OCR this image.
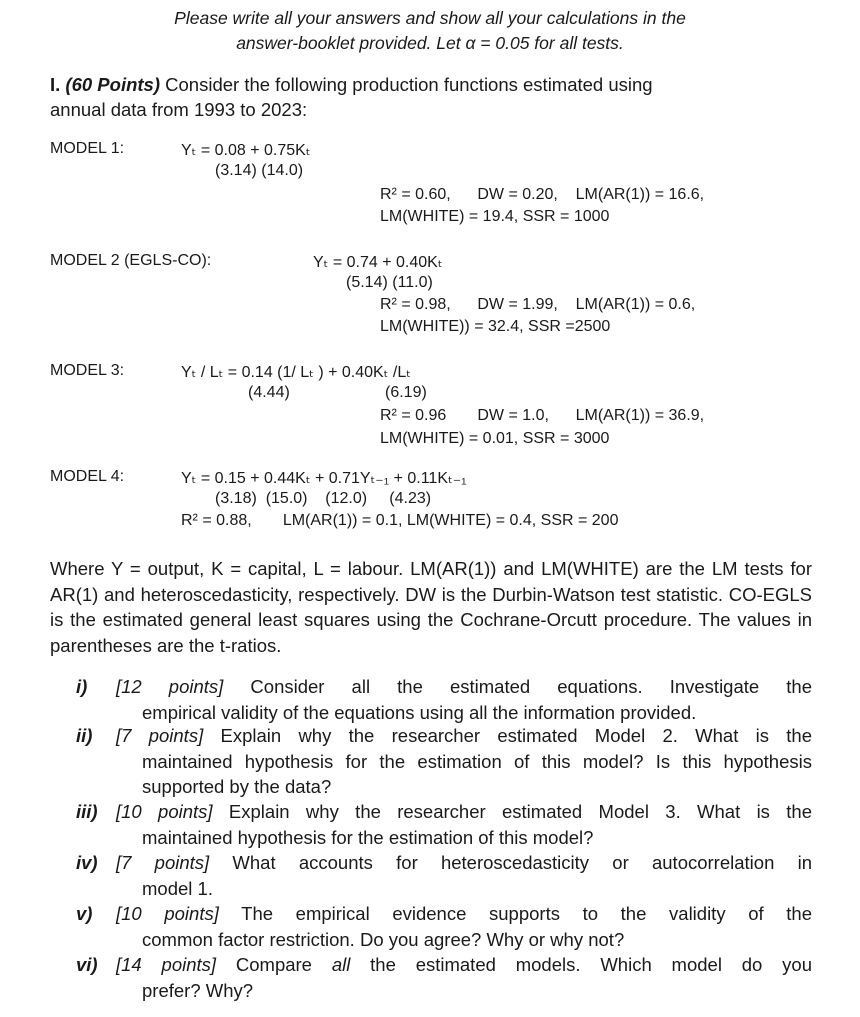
Please write all your answers and show all your calculations in the
answer-booklet provided. Let α = 0.05 for all tests.
I. (60 Points) Consider the following production functions estimated using
annual data from 1993 to 2023:
MODEL 1:	Yₜ = 0.08 + 0.75Kₜ
(3.14) (14.0)
R² = 0.60,      DW = 0.20,    LM(AR(1)) = 16.6,
LM(WHITE) = 19.4, SSR = 1000
MODEL 2 (EGLS-CO):	Yₜ = 0.74 + 0.40Kₜ
(5.14) (11.0)
R² = 0.98,      DW = 1.99,    LM(AR(1)) = 0.6,
LM(WHITE)) = 32.4, SSR =2500
MODEL 3:	Yₜ / Lₜ = 0.14 (1/ Lₜ ) + 0.40Kₜ /Lₜ
(4.44)	(6.19)
R² = 0.96       DW = 1.0,      LM(AR(1)) = 36.9,
LM(WHITE) = 0.01, SSR = 3000
MODEL 4:	Yₜ = 0.15 + 0.44Kₜ + 0.71Yₜ₋₁ + 0.11Kₜ₋₁
(3.18)  (15.0)    (12.0)     (4.23)
R² = 0.88,       LM(AR(1)) = 0.1, LM(WHITE) = 0.4, SSR = 200
Where Y = output, K = capital, L = labour. LM(AR(1)) and LM(WHITE) are the LM tests for AR(1) and heteroscedasticity, respectively. DW is the Durbin-Watson test statistic. CO-EGLS is the estimated general least squares using the Cochrane-Orcutt procedure. The values in parentheses are the t-ratios.
i) [12 points] Consider all the estimated equations. Investigate the
empirical validity of the equations using all the information provided.
ii) [7 points] Explain why the researcher estimated Model 2. What is the
maintained hypothesis for the estimation of this model? Is this hypothesis supported by the data?
iii) [10 points] Explain why the researcher estimated Model 3. What is the
maintained hypothesis for the estimation of this model?
iv) [7 points] What accounts for heteroscedasticity or autocorrelation in
model 1.
v) [10 points] The empirical evidence supports to the validity of the
common factor restriction. Do you agree? Why or why not?
vi) [14 points] Compare all the estimated models. Which model do you
prefer? Why?
